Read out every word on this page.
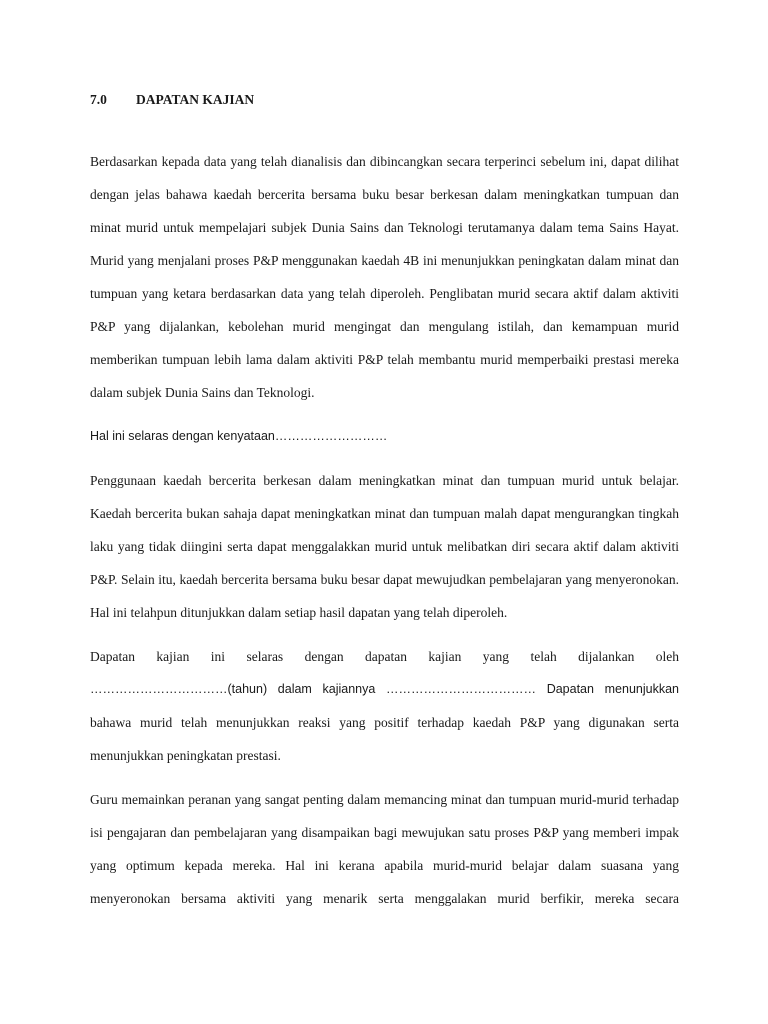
7.0	DAPATAN KAJIAN

Berdasarkan kepada data yang telah dianalisis dan dibincangkan secara terperinci sebelum ini, dapat dilihat dengan jelas bahawa kaedah bercerita bersama buku besar berkesan dalam meningkatkan tumpuan dan minat murid untuk mempelajari subjek Dunia Sains dan Teknologi terutamanya dalam tema Sains Hayat. Murid yang menjalani proses P&P menggunakan kaedah 4B ini menunjukkan peningkatan dalam minat dan tumpuan yang ketara berdasarkan data yang telah diperoleh. Penglibatan murid secara aktif dalam aktiviti P&P yang dijalankan, kebolehan murid mengingat dan mengulang istilah, dan kemampuan murid memberikan tumpuan lebih lama dalam aktiviti P&P telah membantu murid memperbaiki prestasi mereka dalam subjek Dunia Sains dan Teknologi.

Hal ini selaras dengan kenyataan………………………

Penggunaan kaedah bercerita berkesan dalam meningkatkan minat dan tumpuan murid untuk belajar. Kaedah bercerita bukan sahaja dapat meningkatkan minat dan tumpuan malah dapat mengurangkan tingkah laku yang tidak diingini serta dapat menggalakkan murid untuk melibatkan diri secara aktif dalam aktiviti P&P. Selain itu, kaedah bercerita bersama buku besar dapat mewujudkan pembelajaran yang menyeronokan. Hal ini telahpun ditunjukkan dalam setiap hasil dapatan yang telah diperoleh.

Dapatan kajian ini selaras dengan dapatan kajian yang telah dijalankan oleh
……………………………(tahun) dalam kajiannya ……………………………… Dapatan menunjukkan
bahawa murid telah menunjukkan reaksi yang positif terhadap kaedah P&P yang digunakan serta menunjukkan peningkatan prestasi.

Guru memainkan peranan yang sangat penting dalam memancing minat dan tumpuan murid-murid terhadap isi pengajaran dan pembelajaran yang disampaikan bagi mewujukan satu proses P&P yang memberi impak yang optimum kepada mereka. Hal ini kerana apabila murid-murid belajar dalam suasana yang menyeronokan bersama aktiviti yang menarik serta menggalakan murid berfikir, mereka secara
